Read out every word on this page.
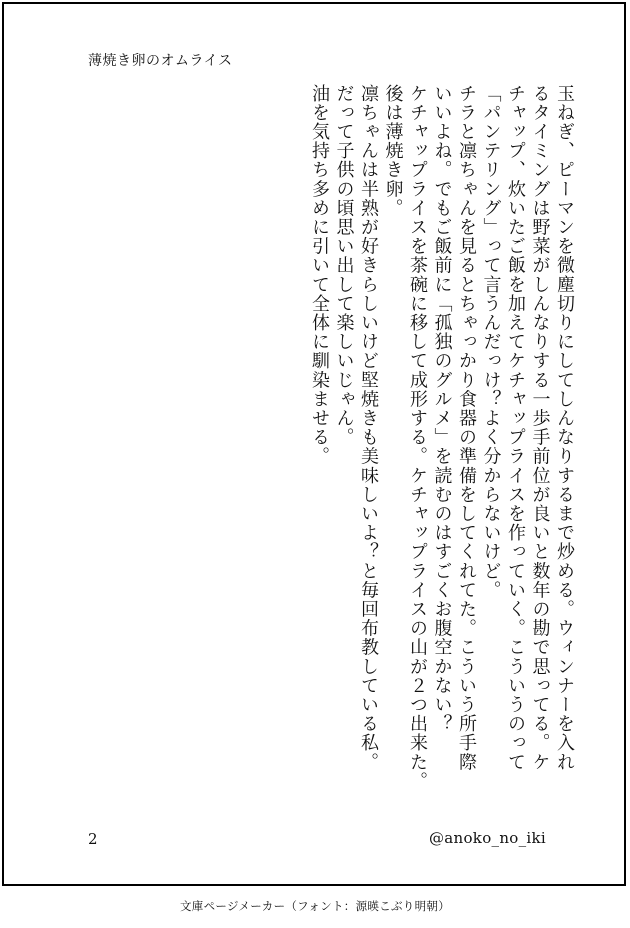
薄焼き卵のオムライス
玉ねぎ、ピーマンを微塵切りにしてしんなりするまで炒める。ウィンナーを入れ
るタイミングは野菜がしんなりする一歩手前位が良いと数年の勘で思ってる。ケ
チャップ、炊いたご飯を加えてケチャップライスを作っていく。こういうのって
「パンテリング」って言うんだっけ？よく分からないけど。
チラと凛ちゃんを見るとちゃっかり食器の準備をしてくれてた。こういう所手際
いいよね。でもご飯前に「孤独のグルメ」を読むのはすごくお腹空かない？
ケチャップライスを茶碗に移して成形する。ケチャップライスの山が２つ出来た。
後は薄焼き卵。
凛ちゃんは半熟が好きらしいけど堅焼きも美味しいよ？と毎回布教している私。
だって子供の頃思い出して楽しいじゃん。
油を気持ち多めに引いて全体に馴染ませる。
2	@anoko_no_iki
文庫ページメーカー（フォント：源暎こぶり明朝）
